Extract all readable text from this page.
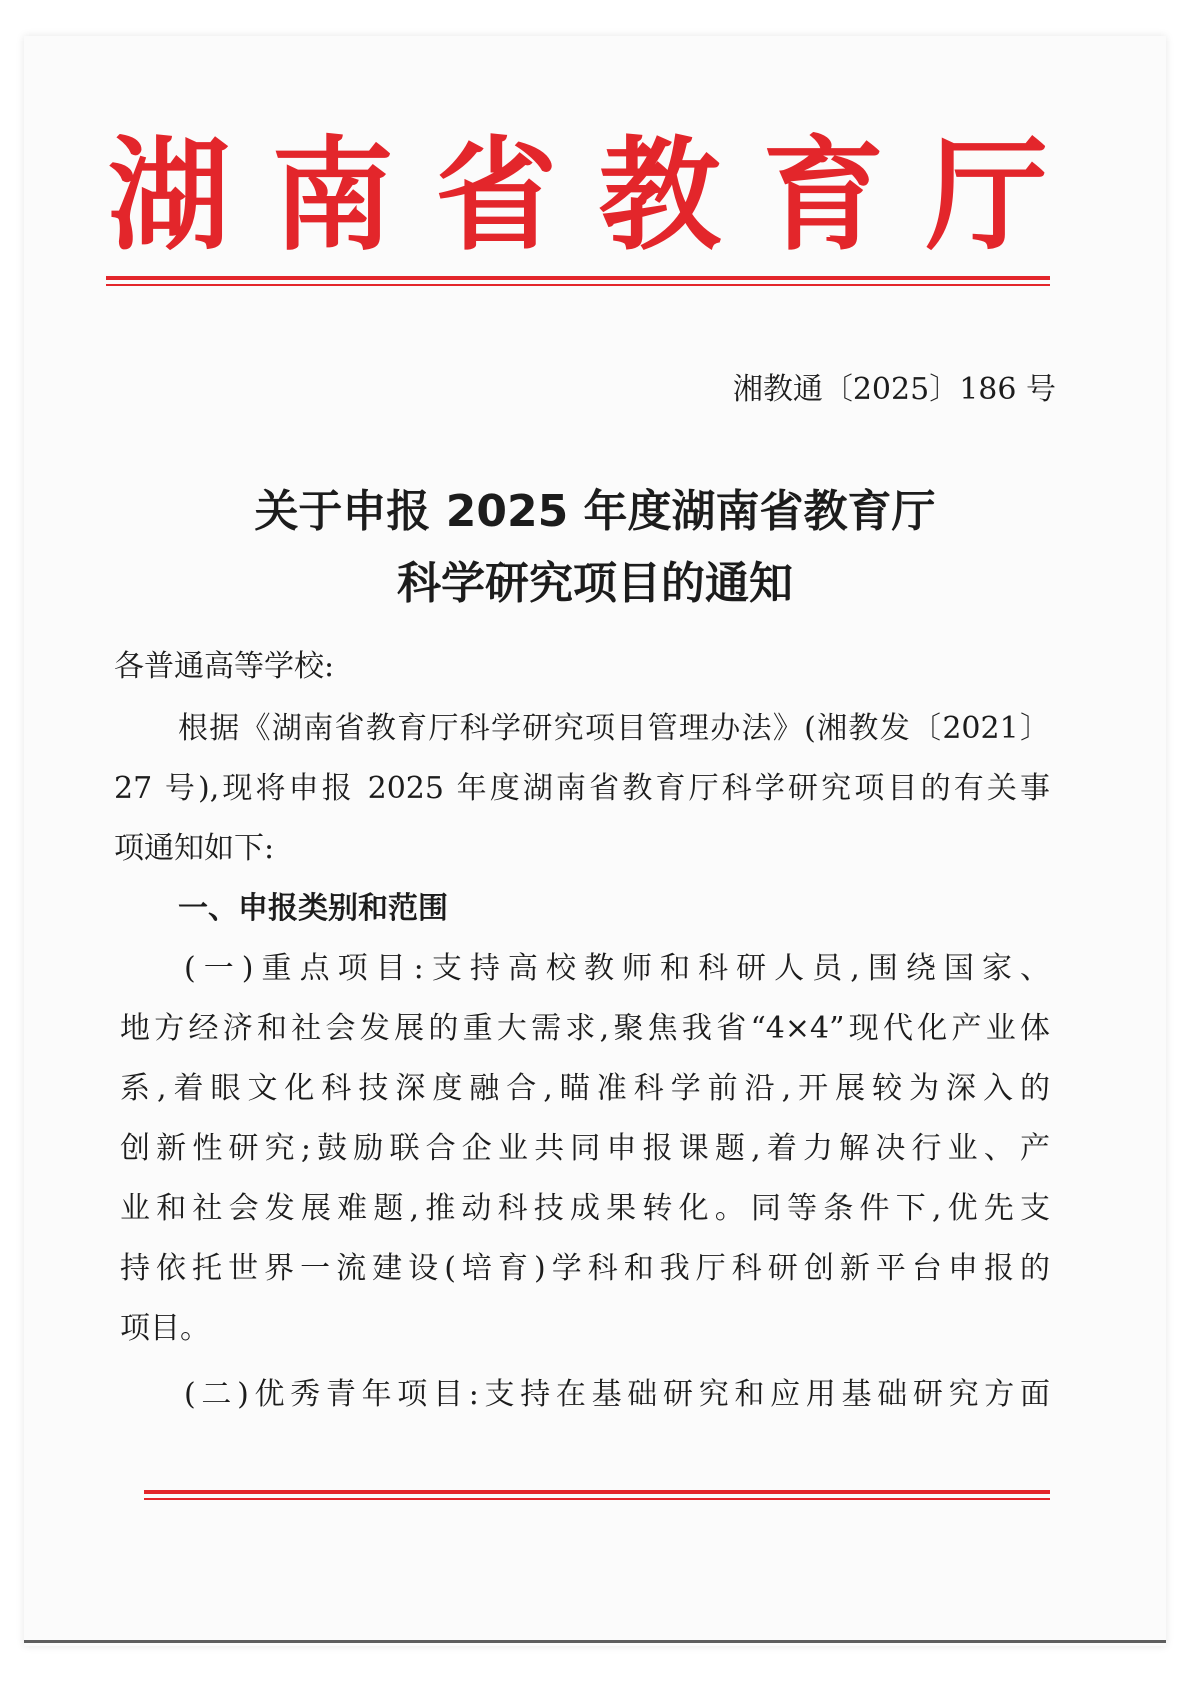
湖 南 省 教 育 厅
湘教通〔2025〕186 号
关于申报 2025 年度湖南省教育厅
科学研究项目的通知
各普通高等学校:
根据《湖南省教育厅科学研究项目管理办法》(湘教发〔2021〕
27 号),现将申报 2025 年度湖南省教育厅科学研究项目的有关事
项通知如下:
一、申报类别和范围
(一)重点项目:支持高校教师和科研人员,围绕国家、
地方经济和社会发展的重大需求,聚焦我省“4×4”现代化产业体
系,着眼文化科技深度融合,瞄准科学前沿,开展较为深入的
创新性研究;鼓励联合企业共同申报课题,着力解决行业、产
业和社会发展难题,推动科技成果转化。同等条件下,优先支
持依托世界一流建设(培育)学科和我厅科研创新平台申报的
项目。
(二)优秀青年项目:支持在基础研究和应用基础研究方面
